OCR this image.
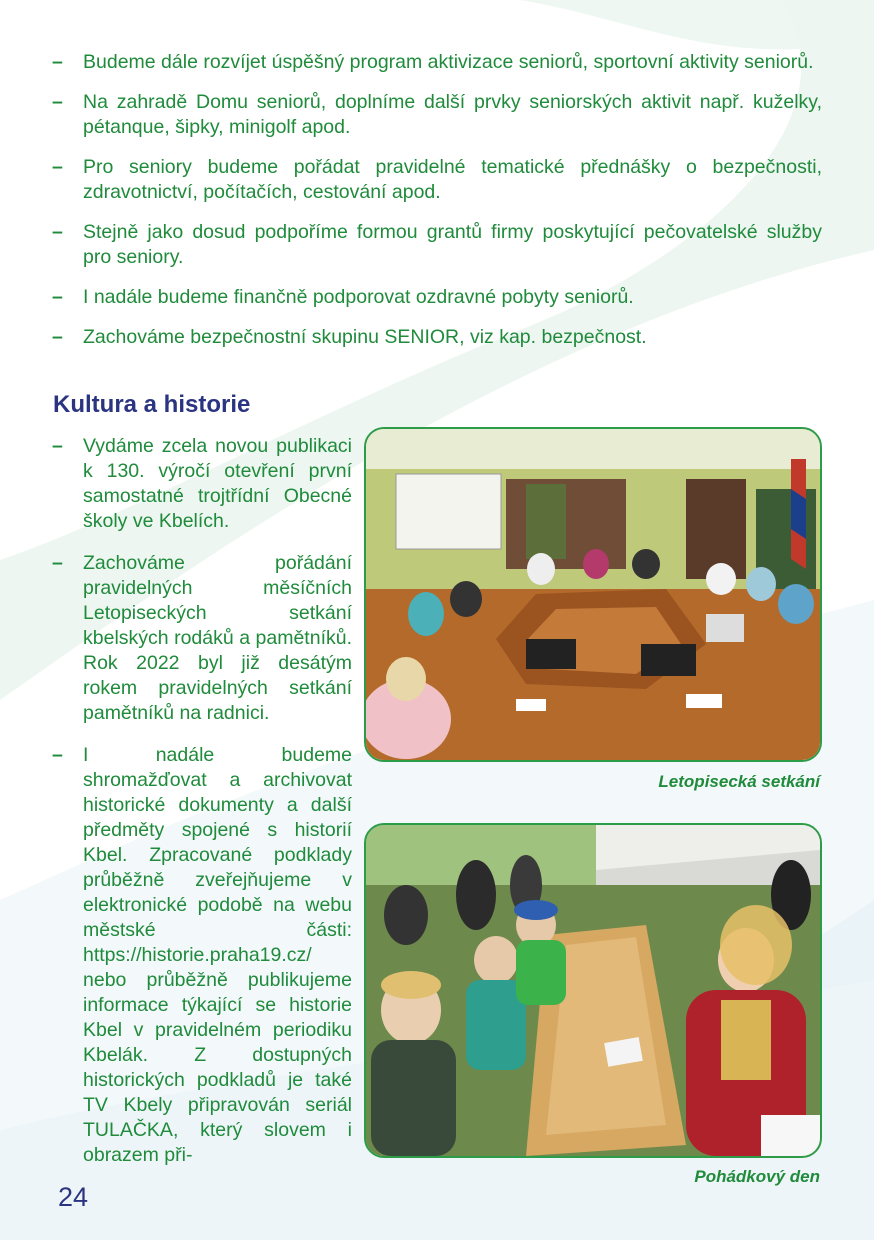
– Budeme dále rozvíjet úspěšný program aktivizace seniorů, sportovní aktivity seniorů.
– Na zahradě Domu seniorů, doplníme další prvky seniorských aktivit např. kuželky, pétanque, šipky, minigolf apod.
– Pro seniory budeme pořádat pravidelné tematické přednášky o bezpečnosti, zdravotnictví, počítačích, cestování apod.
– Stejně jako dosud podpoříme formou grantů firmy poskytující pečovatelské služby pro seniory.
– I nadále budeme finančně podporovat ozdravné pobyty seniorů.
– Zachováme bezpečnostní skupinu SENIOR, viz kap. bezpečnost.
Kultura a historie
– Vydáme zcela novou publikaci k 130. výročí otevření první samostatné trojtřídní Obecné školy ve Kbelích.
– Zachováme pořádání pravidelných měsíčních Letopiseckých setkání kbelských rodáků a pamětníků. Rok 2022 byl již desátým rokem pravidelných setkání pamětníků na radnici.
– I nadále budeme shromažďovat a archivovat historické dokumenty a další předměty spojené s historií Kbel. Zpracované podklady průběžně zveřejňujeme v elektronické podobě na webu městské části: https://historie.praha19.cz/ nebo průběžně publikujeme informace týkající se historie Kbel v pravidelném periodiku Kbelák. Z dostupných historických podkladů je také TV Kbely připravován seriál TULAČKA, který slovem i obrazem při-
Letopisecká setkání
Pohádkový den
24
